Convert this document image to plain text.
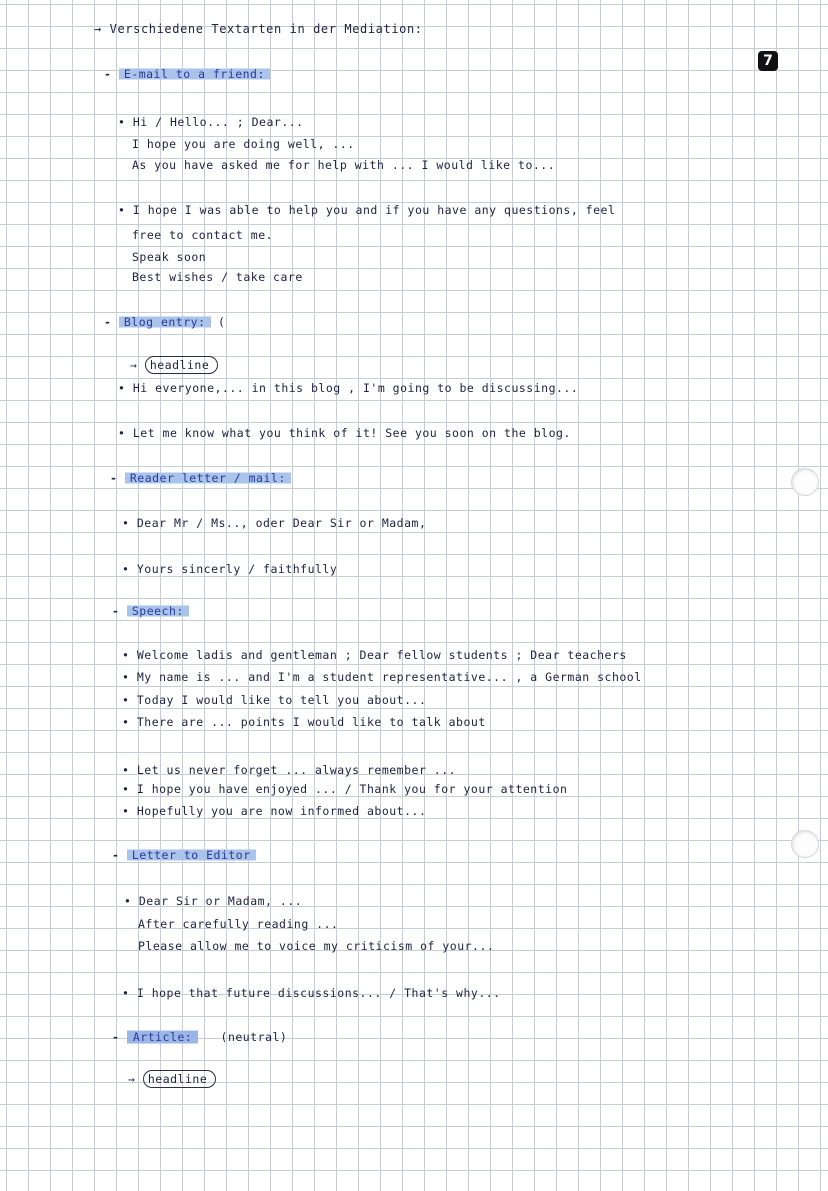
→ Verschiedene Textarten in der Mediation:
7
- E-mail to a friend:
• Hi / Hello... ; Dear...
I hope you are doing well, ...
As you have asked me for help with ... I would like to...
• I hope I was able to help you and if you have any questions, feel
free to contact me.
Speak soon
Best wishes / take care
- Blog entry: (
→ headline
• Hi everyone,... in this blog , I'm going to be discussing...
• Let me know what you think of it! See you soon on the blog.
- Reader letter / mail:
• Dear Mr / Ms.., oder Dear Sir or Madam,
• Yours sincerly / faithfully
- Speech:
• Welcome ladis and gentleman ; Dear fellow students ; Dear teachers
• My name is ... and I'm a student representative... , a German school
• Today I would like to tell you about...
• There are ... points I would like to talk about
• Let us never forget ... always remember ...
• I hope you have enjoyed ... / Thank you for your attention
• Hopefully you are now informed about...
- Letter to Editor
• Dear Sir or Madam, ...
After carefully reading ...
Please allow me to voice my criticism of your...
• I hope that future discussions... / That's why...
- Article: (neutral)
→ headline
